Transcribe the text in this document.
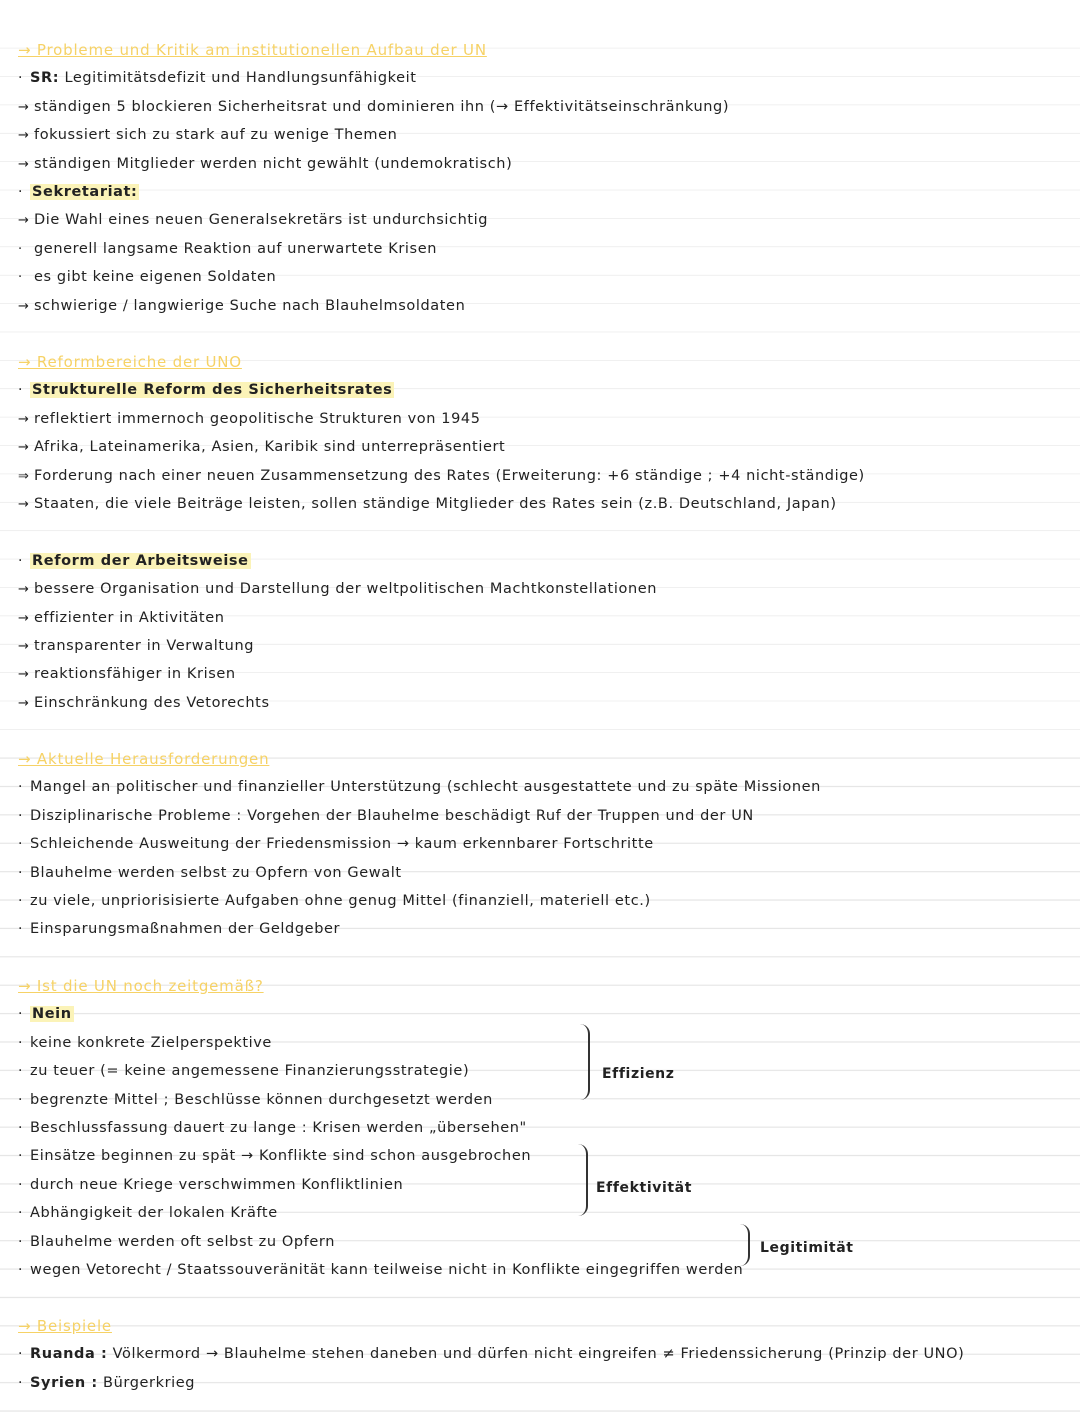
→ Probleme und Kritik am institutionellen Aufbau der UN
· SR: Legitimitätsdefizit und Handlungsunfähigkeit
→ ständigen 5 blockieren Sicherheitsrat und dominieren ihn (→ Effektivitätseinschränkung)
→ fokussiert sich zu stark auf zu wenige Themen
→ ständigen Mitglieder werden nicht gewählt (undemokratisch)
· Sekretariat:
→ Die Wahl eines neuen Generalsekretärs ist undurchsichtig
· generell langsame Reaktion auf unerwartete Krisen
· es gibt keine eigenen Soldaten
→ schwierige / langwierige Suche nach Blauhelmsoldaten
→ Reformbereiche der UNO
· Strukturelle Reform des Sicherheitsrates
→ reflektiert immernoch geopolitische Strukturen von 1945
→ Afrika, Lateinamerika, Asien, Karibik sind unterrepräsentiert
⇒ Forderung nach einer neuen Zusammensetzung des Rates (Erweiterung: +6 ständige ; +4 nicht-ständige)
→ Staaten, die viele Beiträge leisten, sollen ständige Mitglieder des Rates sein (z.B. Deutschland, Japan)
· Reform der Arbeitsweise
→ bessere Organisation und Darstellung der weltpolitischen Machtkonstellationen
→ effizienter in Aktivitäten
→ transparenter in Verwaltung
→ reaktionsfähiger in Krisen
→ Einschränkung des Vetorechts
→ Aktuelle Herausforderungen
· Mangel an politischer und finanzieller Unterstützung (schlecht ausgestattete und zu späte Missionen
· Disziplinarische Probleme : Vorgehen der Blauhelme beschädigt Ruf der Truppen und der UN
· Schleichende Ausweitung der Friedensmission → kaum erkennbarer Fortschritte
· Blauhelme werden selbst zu Opfern von Gewalt
· zu viele, unpriorisisierte Aufgaben ohne genug Mittel (finanziell, materiell etc.)
· Einsparungsmaßnahmen der Geldgeber
→ Ist die UN noch zeitgemäß?
· Nein
· keine konkrete Zielperspektive
· zu teuer (= keine angemessene Finanzierungsstrategie)
· begrenzte Mittel ; Beschlüsse können durchgesetzt werden
· Beschlussfassung dauert zu lange : Krisen werden „übersehen"
· Einsätze beginnen zu spät → Konflikte sind schon ausgebrochen
· durch neue Kriege verschwimmen Konfliktlinien
· Abhängigkeit der lokalen Kräfte
· Blauhelme werden oft selbst zu Opfern
· wegen Vetorecht / Staatssouveränität kann teilweise nicht in Konflikte eingegriffen werden
Effizienz
Effektivität
Legitimität
→ Beispiele
· Ruanda : Völkermord → Blauhelme stehen daneben und dürfen nicht eingreifen ≠ Friedenssicherung (Prinzip der UNO)
· Syrien : Bürgerkrieg
